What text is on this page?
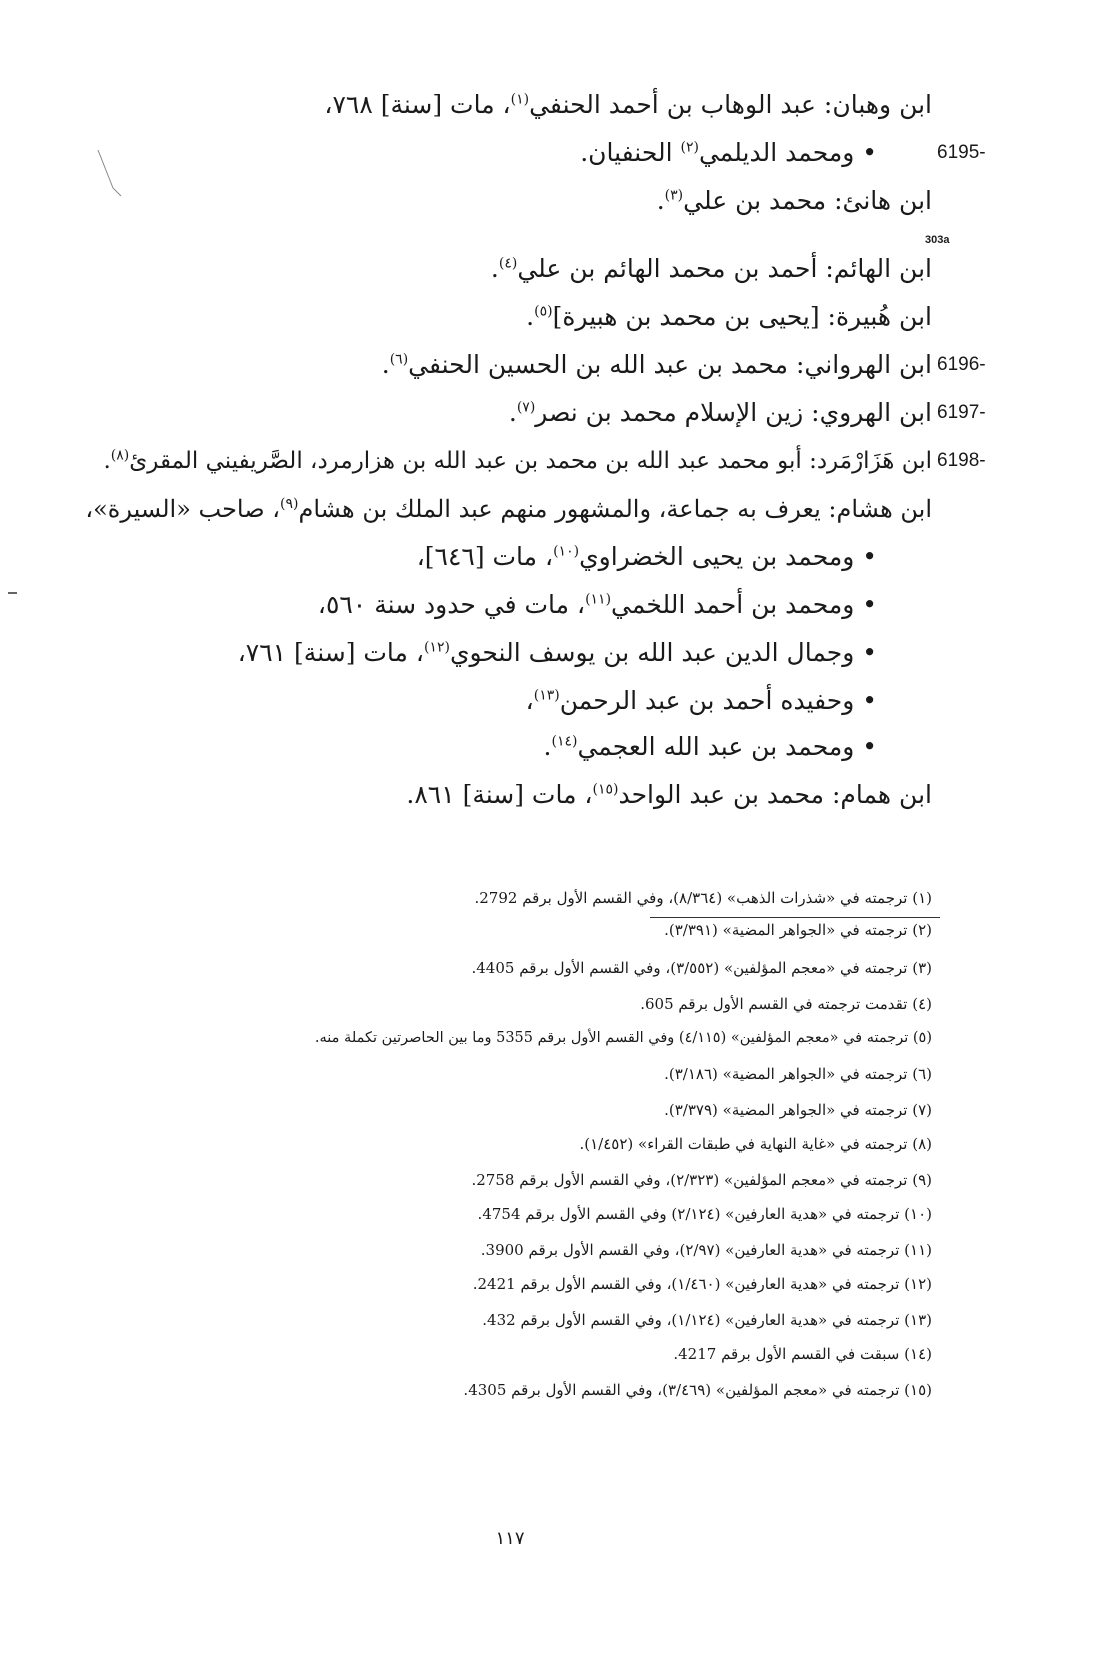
ابن وهبان: عبد الوهاب بن أحمد الحنفي$^{(١)}$، مات [سنة] ٧٦٨،
6195-
• ومحمد الديلمي$^{(٢)}$ الحنفيان.
ابن هانئ: محمد بن علي$^{(٣)}$.
303a
ابن الهائم: أحمد بن محمد الهائم بن علي$^{(٤)}$.
ابن هُبيرة: [يحيى بن محمد بن هبيرة]$^{(٥)}$.
6196-
ابن الهرواني: محمد بن عبد الله بن الحسين الحنفي$^{(٦)}$.
6197-
ابن الهروي: زين الإسلام محمد بن نصر$^{(٧)}$.
6198-
ابن هَزَارْمَرد: أبو محمد عبد الله بن محمد بن عبد الله بن هزارمرد، الصَّريفيني المقرئ$^{(٨)}$.
ابن هشام: يعرف به جماعة، والمشهور منهم عبد الملك بن هشام$^{(٩)}$، صاحب «السيرة»،
• ومحمد بن يحيى الخضراوي$^{(١٠)}$، مات [٦٤٦]،
• ومحمد بن أحمد اللخمي$^{(١١)}$، مات في حدود سنة ٥٦٠،
• وجمال الدين عبد الله بن يوسف النحوي$^{(١٢)}$، مات [سنة] ٧٦١،
• وحفيده أحمد بن عبد الرحمن$^{(١٣)}$،
• ومحمد بن عبد الله العجمي$^{(١٤)}$.
ابن همام: محمد بن عبد الواحد$^{(١٥)}$، مات [سنة] ٨٦١.
(١) ترجمته في «شذرات الذهب» (٨/٣٦٤)، وفي القسم الأول برقم 2792.
(٢) ترجمته في «الجواهر المضية» (٣/٣٩١).
(٣) ترجمته في «معجم المؤلفين» (٣/٥٥٢)، وفي القسم الأول برقم 4405.
(٤) تقدمت ترجمته في القسم الأول برقم 605.
(٥) ترجمته في «معجم المؤلفين» (٤/١١٥) وفي القسم الأول برقم 5355 وما بين الحاصرتين تكملة منه.
(٦) ترجمته في «الجواهر المضية» (٣/١٨٦).
(٧) ترجمته في «الجواهر المضية» (٣/٣٧٩).
(٨) ترجمته في «غاية النهاية في طبقات القراء» (١/٤٥٢).
(٩) ترجمته في «معجم المؤلفين» (٢/٣٢٣)، وفي القسم الأول برقم 2758.
(١٠) ترجمته في «هدية العارفين» (٢/١٢٤) وفي القسم الأول برقم 4754.
(١١) ترجمته في «هدية العارفين» (٢/٩٧)، وفي القسم الأول برقم 3900.
(١٢) ترجمته في «هدية العارفين» (١/٤٦٠)، وفي القسم الأول برقم 2421.
(١٣) ترجمته في «هدية العارفين» (١/١٢٤)، وفي القسم الأول برقم 432.
(١٤) سبقت في القسم الأول برقم 4217.
(١٥) ترجمته في «معجم المؤلفين» (٣/٤٦٩)، وفي القسم الأول برقم 4305.
١١٧
